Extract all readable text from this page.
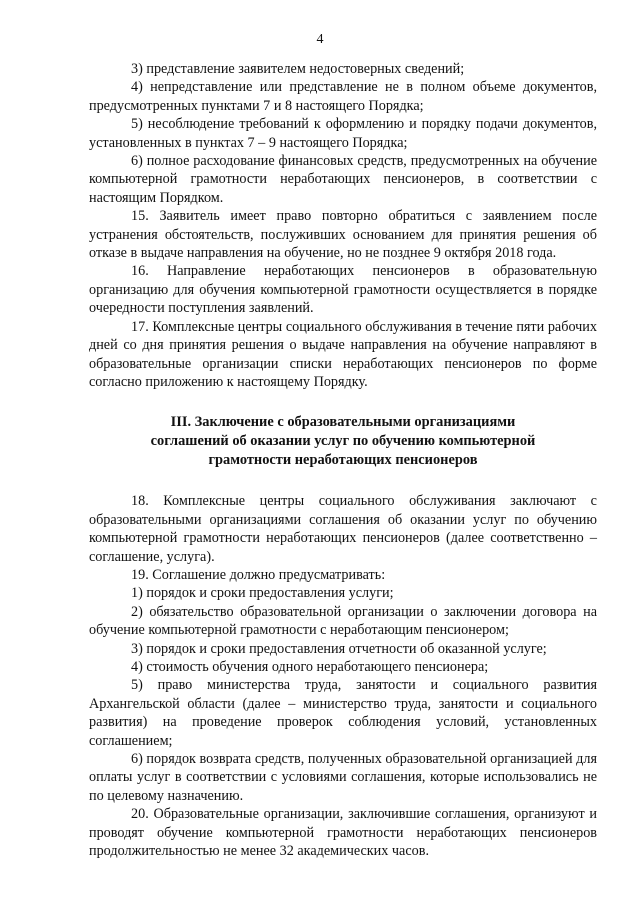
4

3) представление заявителем недостоверных сведений;

4) непредставление или представление не в полном объеме документов, предусмотренных пунктами 7 и 8 настоящего Порядка;

5) несоблюдение требований к оформлению и порядку подачи документов, установленных в пунктах 7 – 9 настоящего Порядка;

6) полное расходование финансовых средств, предусмотренных на обучение компьютерной грамотности неработающих пенсионеров, в соответствии с настоящим Порядком.

15. Заявитель имеет право повторно обратиться с заявлением после устранения обстоятельств, послуживших основанием для принятия решения об отказе в выдаче направления на обучение, но не позднее 9 октября 2018 года.

16. Направление неработающих пенсионеров в образовательную организацию для обучения компьютерной грамотности осуществляется в порядке очередности поступления заявлений.

17. Комплексные центры социального обслуживания в течение пяти рабочих дней со дня принятия решения о выдаче направления на обучение направляют в образовательные организации списки неработающих пенсионеров по форме согласно приложению к настоящему Порядку.

III. Заключение с образовательными организациями
соглашений об оказании услуг по обучению компьютерной
грамотности неработающих пенсионеров

18. Комплексные центры социального обслуживания заключают с образовательными организациями соглашения об оказании услуг по обучению компьютерной грамотности неработающих пенсионеров (далее соответственно – соглашение, услуга).

19. Соглашение должно предусматривать:

1) порядок и сроки предоставления услуги;

2) обязательство образовательной организации о заключении договора на обучение компьютерной грамотности с неработающим пенсионером;

3) порядок и сроки предоставления отчетности об оказанной услуге;

4) стоимость обучения одного неработающего пенсионера;

5) право министерства труда, занятости и социального развития Архангельской области (далее – министерство труда, занятости и социального развития) на проведение проверок соблюдения условий, установленных соглашением;

6) порядок возврата средств, полученных образовательной организацией для оплаты услуг в соответствии с условиями соглашения, которые использовались не по целевому назначению.

20. Образовательные организации, заключившие соглашения, организуют и проводят обучение компьютерной грамотности неработающих пенсионеров продолжительностью не менее 32 академических часов.
